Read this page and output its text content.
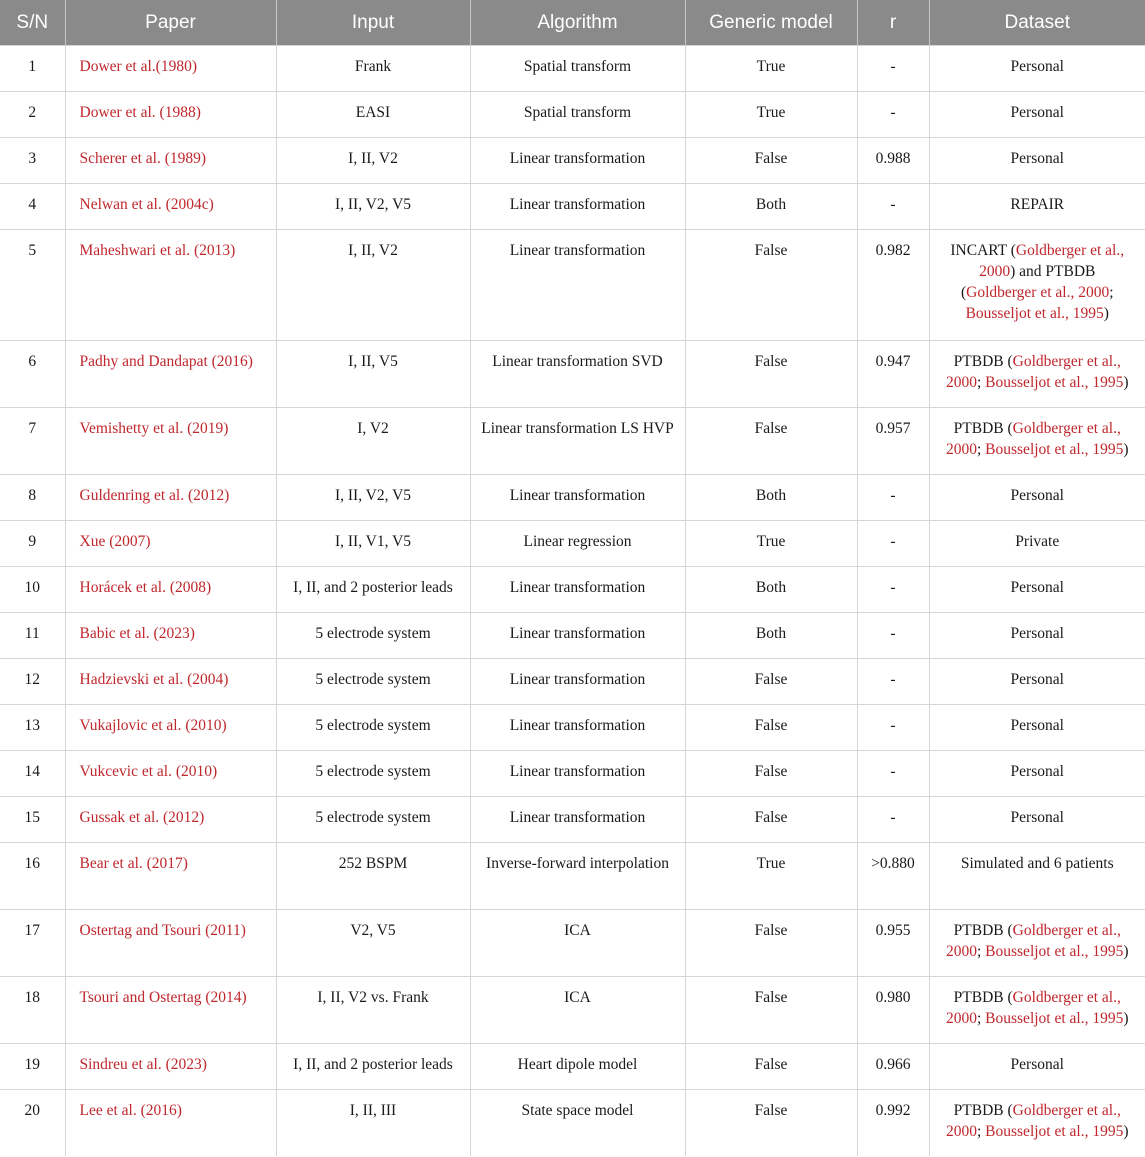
S/N	Paper	Input	Algorithm	Generic model	r	Dataset
1	Dower et al.(1980)	Frank	Spatial transform	True	-	Personal
2	Dower et al. (1988)	EASI	Spatial transform	True	-	Personal
3	Scherer et al. (1989)	I, II, V2	Linear transformation	False	0.988	Personal
4	Nelwan et al. (2004c)	I, II, V2, V5	Linear transformation	Both	-	REPAIR
5	Maheshwari et al. (2013)	I, II, V2	Linear transformation	False	0.982	INCART (Goldberger et al., 2000) and PTBDB (Goldberger et al., 2000; Bousseljot et al., 1995)
6	Padhy and Dandapat (2016)	I, II, V5	Linear transformation SVD	False	0.947	PTBDB (Goldberger et al., 2000; Bousseljot et al., 1995)
7	Vemishetty et al. (2019)	I, V2	Linear transformation LS HVP	False	0.957	PTBDB (Goldberger et al., 2000; Bousseljot et al., 1995)
8	Guldenring et al. (2012)	I, II, V2, V5	Linear transformation	Both	-	Personal
9	Xue (2007)	I, II, V1, V5	Linear regression	True	-	Private
10	Horácek et al. (2008)	I, II, and 2 posterior leads	Linear transformation	Both	-	Personal
11	Babic et al. (2023)	5 electrode system	Linear transformation	Both	-	Personal
12	Hadzievski et al. (2004)	5 electrode system	Linear transformation	False	-	Personal
13	Vukajlovic et al. (2010)	5 electrode system	Linear transformation	False	-	Personal
14	Vukcevic et al. (2010)	5 electrode system	Linear transformation	False	-	Personal
15	Gussak et al. (2012)	5 electrode system	Linear transformation	False	-	Personal
16	Bear et al. (2017)	252 BSPM	Inverse-forward interpolation	True	>0.880	Simulated and 6 patients
17	Ostertag and Tsouri (2011)	V2, V5	ICA	False	0.955	PTBDB (Goldberger et al., 2000; Bousseljot et al., 1995)
18	Tsouri and Ostertag (2014)	I, II, V2 vs. Frank	ICA	False	0.980	PTBDB (Goldberger et al., 2000; Bousseljot et al., 1995)
19	Sindreu et al. (2023)	I, II, and 2 posterior leads	Heart dipole model	False	0.966	Personal
20	Lee et al. (2016)	I, II, III	State space model	False	0.992	PTBDB (Goldberger et al., 2000; Bousseljot et al., 1995)
